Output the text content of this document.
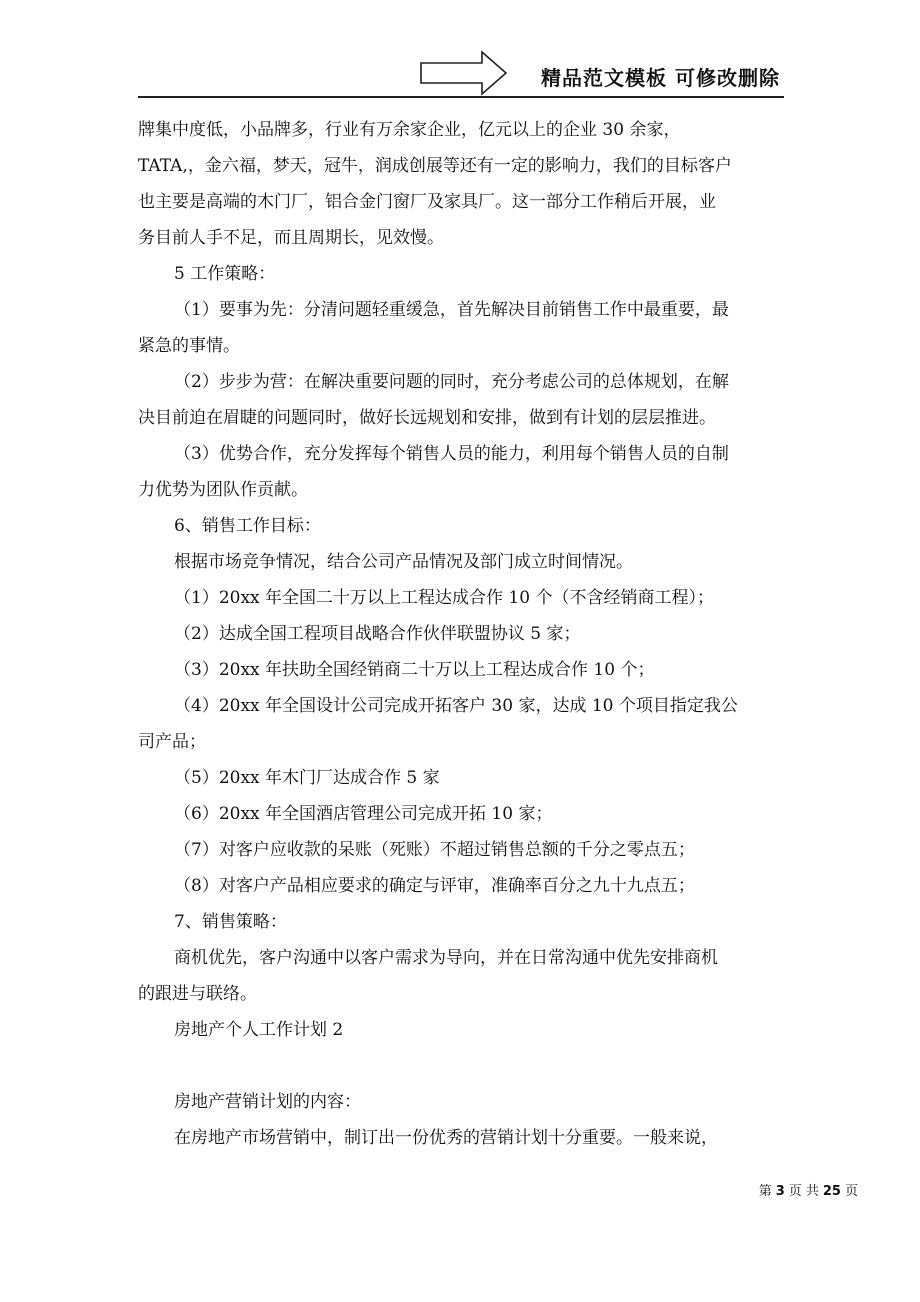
精品范文模板 可修改删除
牌集中度低，小品牌多，行业有万余家企业，亿元以上的企业 30 余家，
TATA,，金六福，梦天，冠牛，润成创展等还有一定的影响力，我们的目标客户
也主要是高端的木门厂，铝合金门窗厂及家具厂。这一部分工作稍后开展，业
务目前人手不足，而且周期长，见效慢。
5 工作策略：
（1）要事为先：分清问题轻重缓急，首先解决目前销售工作中最重要，最
紧急的事情。
（2）步步为营：在解决重要问题的同时，充分考虑公司的总体规划，在解
决目前迫在眉睫的问题同时，做好长远规划和安排，做到有计划的层层推进。
（3）优势合作，充分发挥每个销售人员的能力，利用每个销售人员的自制
力优势为团队作贡献。
6、销售工作目标：
根据市场竞争情况，结合公司产品情况及部门成立时间情况。
（1）20xx 年全国二十万以上工程达成合作 10 个（不含经销商工程）；
（2）达成全国工程项目战略合作伙伴联盟协议 5 家；
（3）20xx 年扶助全国经销商二十万以上工程达成合作 10 个；
（4）20xx 年全国设计公司完成开拓客户 30 家，达成 10 个项目指定我公
司产品；
（5）20xx 年木门厂达成合作 5 家
（6）20xx 年全国酒店管理公司完成开拓 10 家；
（7）对客户应收款的呆账（死账）不超过销售总额的千分之零点五；
（8）对客户产品相应要求的确定与评审，准确率百分之九十九点五；
7、销售策略：
商机优先，客户沟通中以客户需求为导向，并在日常沟通中优先安排商机
的跟进与联络。
房地产个人工作计划 2
房地产营销计划的内容：
在房地产市场营销中，制订出一份优秀的营销计划十分重要。一般来说，
第 3 页 共 25 页
